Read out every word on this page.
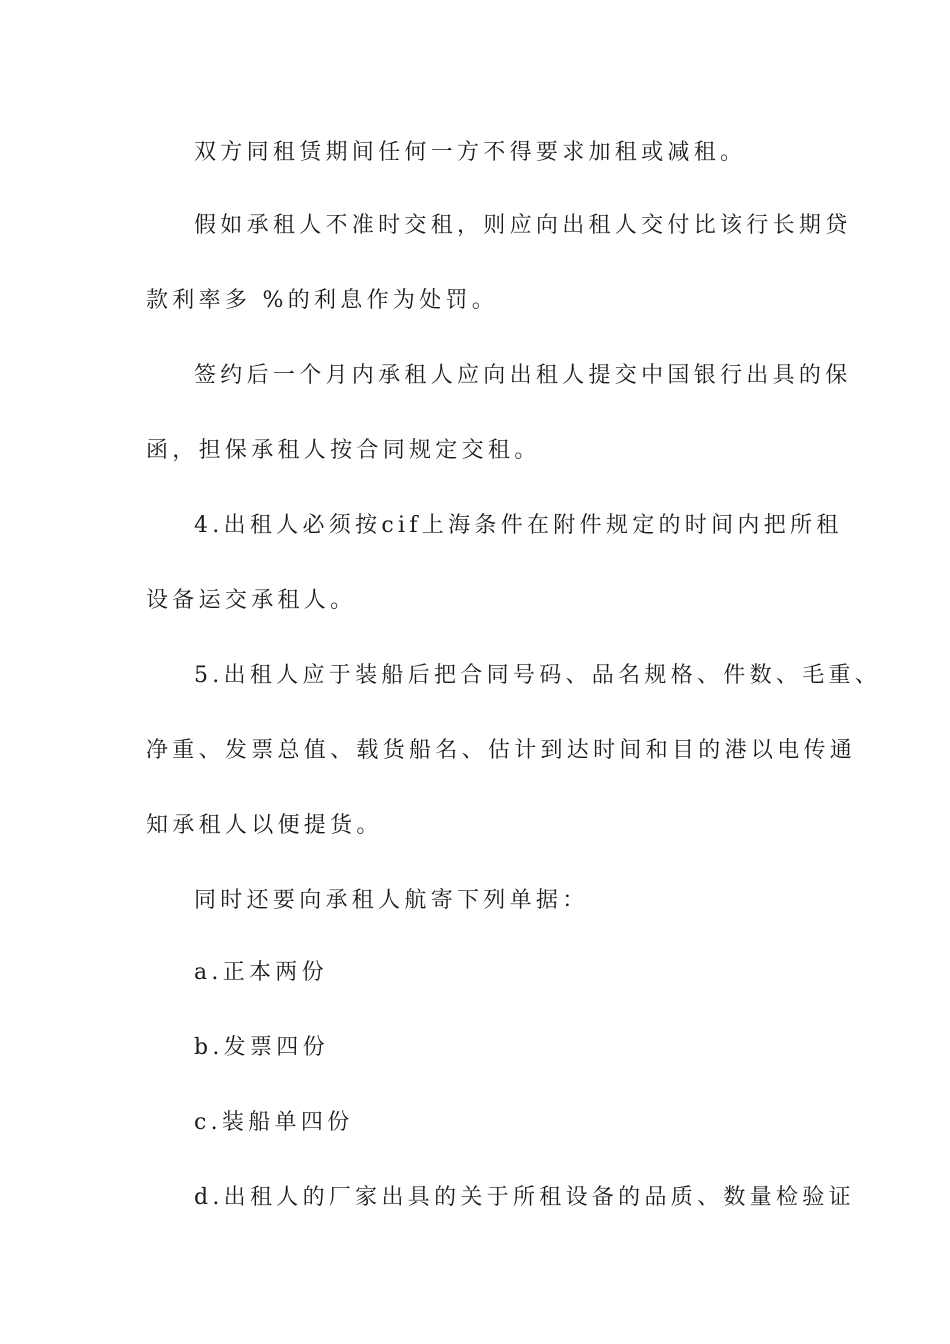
双方同租赁期间任何一方不得要求加租或减租。
假如承租人不准时交租，则应向出租人交付比该行长期贷
款利率多 %的利息作为处罚。
签约后一个月内承租人应向出租人提交中国银行出具的保
函，担保承租人按合同规定交租。
4.出租人必须按cif上海条件在附件规定的时间内把所租
设备运交承租人。
5.出租人应于装船后把合同号码、品名规格、件数、毛重、
净重、发票总值、载货船名、估计到达时间和目的港以电传通
知承租人以便提货。
同时还要向承租人航寄下列单据：
a.正本两份
b.发票四份
c.装船单四份
d.出租人的厂家出具的关于所租设备的品质、数量检验证
